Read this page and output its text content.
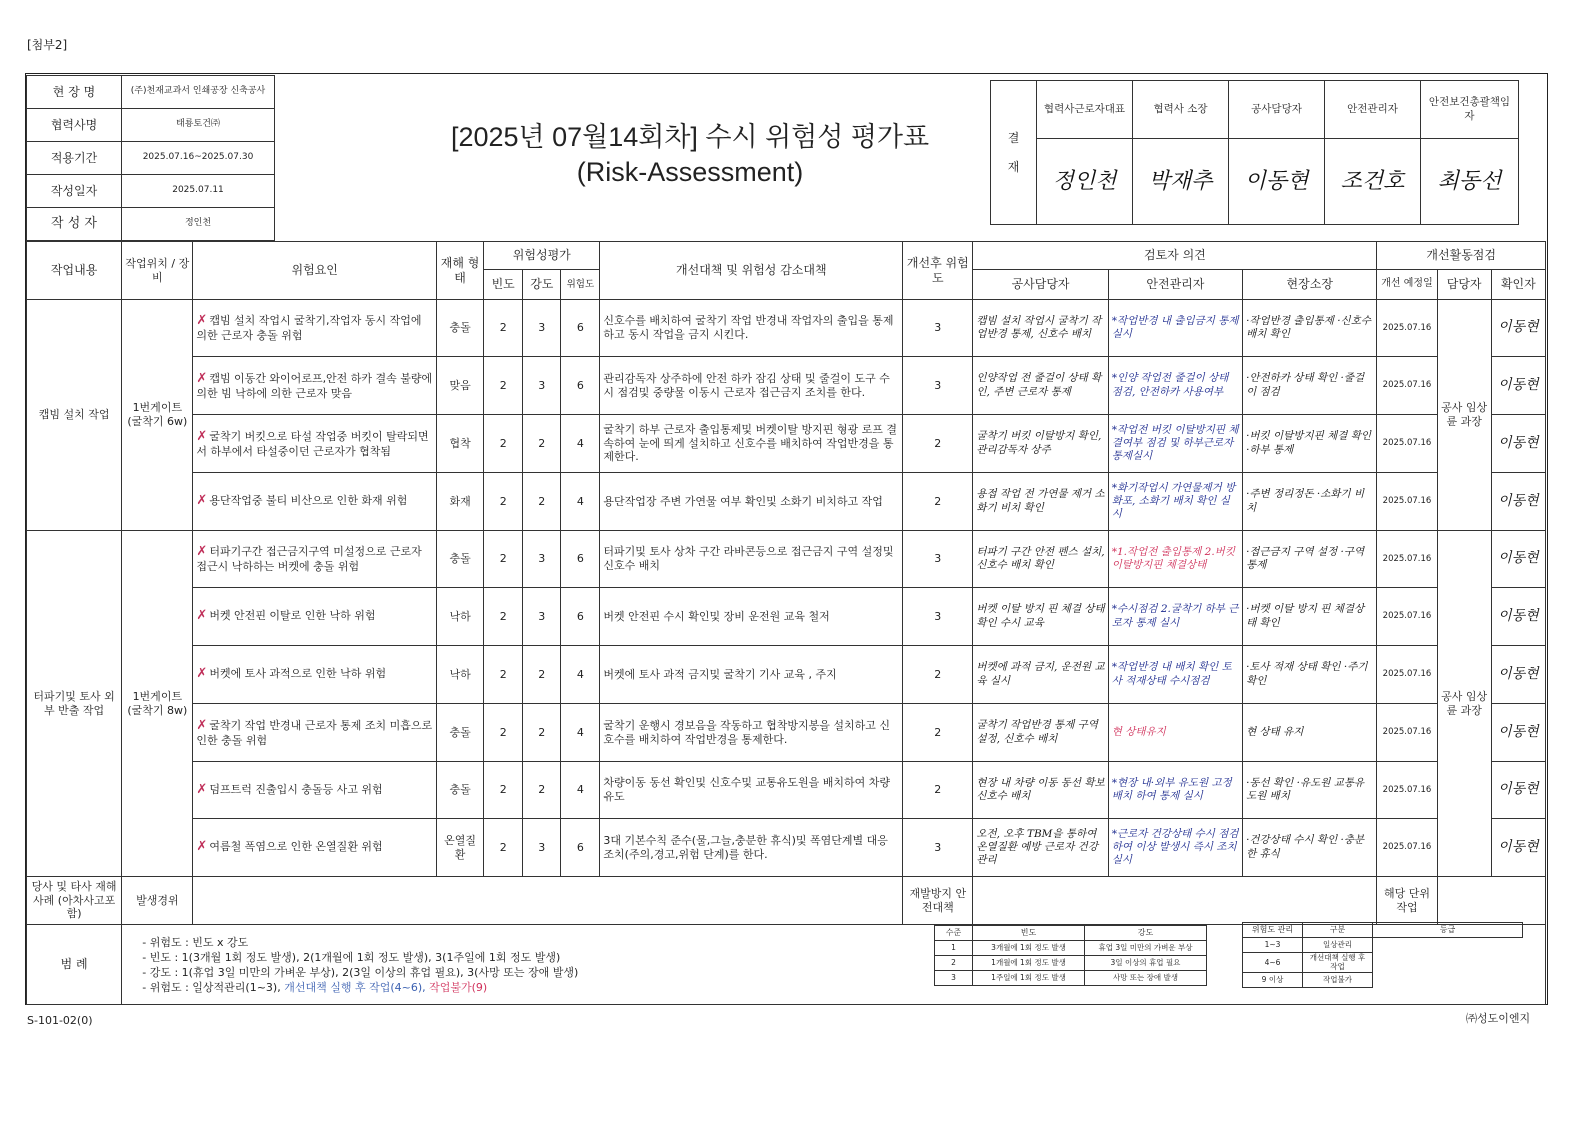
[첨부2]
현 장 명	(주)천재교과서 인쇄공장 신축공사
협력사명	태룡토건㈜
적용기간	2025.07.16~2025.07.30
작성일자	2025.07.11
작 성 자	정인천
[2025년 07월14회차] 수시 위험성 평가표
(Risk-Assessment)
결
재	협력사근로자대표	협력사 소장	공사담당자	안전관리자	안전보건총괄책임자
	정인천	박재추	이동현	조건호	최동선
작업내용	작업위치 / 장비	위험요인	재해 형태	위험성평가			개선대책 및 위험성 감소대책	개선후 위험도	검토자 의견			개선활동점검		
				빈도	강도	위험도			공사담당자	안전관리자	현장소장	개선 예정일	담당자	확인자
캡빔 설치 작업	1번게이트 (굴착기 6w)	✗ 캡빔 설치 작업시 굴착기,작업자 동시 작업에 의한 근로자 충돌 위험	충돌	2	3	6	신호수를 배치하여 굴착기 작업 반경내 작업자의 출입을 통제하고 동시 작업을 금지 시킨다.	3	캡빔 설치 작업시 굴착기 작업반경 통제, 신호수 배치	*작업반경 내 출입금지 통제 실시	·작업반경 출입통제 ·신호수 배치 확인	2025.07.16	공사 임상륜 과장	이동현
		✗ 캡빔 이동간 와이어로프,안전 하카 결속 불량에 의한 빔 낙하에 의한 근로자 맞음	맞음	2	3	6	관리감독자 상주하에 안전 하카 잠김 상태 및 줄걸이 도구 수시 점검및 중량물 이동시 근로자 접근금지 조치를 한다.	3	인양작업 전 줄걸이 상태 확인, 주변 근로자 통제	*인양 작업전 줄걸이 상태 점검, 안전하카 사용여부	·안전하카 상태 확인 ·줄걸이 점검	2025.07.16		이동현
		✗ 굴착기 버킷으로 타설 작업중 버킷이 탈락되면서 하부에서 타설중이던 근로자가 협착됨	협착	2	2	4	굴착기 하부 근로자 출입통제및 버켓이탈 방지핀 형광 로프 결속하여 눈에 띄게 설치하고 신호수를 배치하여 작업반경을 통제한다.	2	굴착기 버킷 이탈방지 확인, 관리감독자 상주	*작업전 버킷 이탈방지핀 체결여부 점검 및 하부근로자 통제실시	·버킷 이탈방지핀 체결 확인 ·하부 통제	2025.07.16		이동현
		✗ 용단작업중 불티 비산으로 인한 화재 위험	화재	2	2	4	용단작업장 주변 가연물 여부 확인및 소화기 비치하고 작업	2	용접 작업 전 가연물 제거 소화기 비치 확인	*화기작업시 가연물제거 방화포, 소화기 배치 확인 실시	·주변 정리정돈 ·소화기 비치	2025.07.16		이동현
터파기및 토사 외부 반출 작업	1번게이트 (굴착기 8w)	✗ 터파기구간 접근금지구역 미설정으로 근로자 접근시 낙하하는 버켓에 충돌 위험	충돌	2	3	6	터파기및 토사 상차 구간 라바콘등으로 접근금지 구역 설정및 신호수 배치	3	터파기 구간 안전 펜스 설치, 신호수 배치 확인	*1.작업전 출입통제 2.버킷 이탈방지핀 체결상태	·접근금지 구역 설정 ·구역 통제	2025.07.16	공사 임상륜 과장	이동현
		✗ 버켓 안전핀 이탈로 인한 낙하 위험	낙하	2	3	6	버켓 안전핀 수시 확인및 장비 운전원 교육 철저	3	버켓 이탈 방지 핀 체결 상태 확인 수시 교육	*수시점검 2.굴착기 하부 근로자 통제 실시	·버켓 이탈 방지 핀 체결상태 확인	2025.07.16		이동현
		✗ 버켓에 토사 과적으로 인한 낙하 위험	낙하	2	2	4	버켓에 토사 과적 금지및 굴착기 기사 교육 , 주지	2	버켓에 과적 금지, 운전원 교육 실시	*작업반경 내 배치 확인 토사 적재상태 수시점검	·토사 적재 상태 확인 ·주기 확인	2025.07.16		이동현
		✗ 굴착기 작업 반경내 근로자 통제 조치 미흡으로 인한 충돌 위험	충돌	2	2	4	굴착기 운행시 경보음을 작동하고 협착방지봉을 설치하고 신호수를 배치하여 작업반경을 통제한다.	2	굴착기 작업반경 통제 구역 설정, 신호수 배치	현 상태유지	현 상태 유지	2025.07.16		이동현
		✗ 덤프트럭 진출입시 충돌등 사고 위험	충돌	2	2	4	차량이동 동선 확인및 신호수및 교통유도원을 배치하여 차량 유도	2	현장 내 차량 이동 동선 확보 신호수 배치	*현장 내·외부 유도원 고정배치 하여 통제 실시	·동선 확인 ·유도원 교통유도원 배치	2025.07.16		이동현
		✗ 여름철 폭염으로 인한 온열질환 위험	온열질환	2	3	6	3대 기본수칙 준수(물,그늘,충분한 휴식)및 폭염단계별 대응 조치(주의,경고,위험 단계)를 한다.	3	오전, 오후 TBM을 통하여 온열질환 예방 근로자 건강관리	*근로자 건강상태 수시 점검하여 이상 발생시 즉시 조치 실시	·건강상태 수시 확인 ·충분한 휴식	2025.07.16		이동현
당사 및 타사 재해사례 (아차사고포함)	발생경위							재발방지 안전대책				해당 단위작업		
범 례	- 위험도 : 빈도 x 강도
- 빈도 : 1(3개월 1회 정도 발생), 2(1개월에 1회 정도 발생), 3(1주일에 1회 정도 발생)
- 강도 : 1(휴업 3일 미만의 가벼운 부상), 2(3일 이상의 휴업 필요), 3(사망 또는 장애 발생)
- 위험도 : 일상적관리(1~3), 개선대책 실행 후 작업(4~6), 작업불가(9)													
수준	빈도	강도
1	3개월에 1회 정도 발생	휴업 3일 미만의 가벼운 부상
2	1개월에 1회 정도 발생	3일 이상의 휴업 필요
3	1주일에 1회 정도 발생	사망 또는 장애 발생
위험도 관리	구분	등급
1~3	일상관리	
4~6	개선대책 실행 후 작업	
9 이상	작업불가	
S-101-02(0)	㈜성도이엔지
